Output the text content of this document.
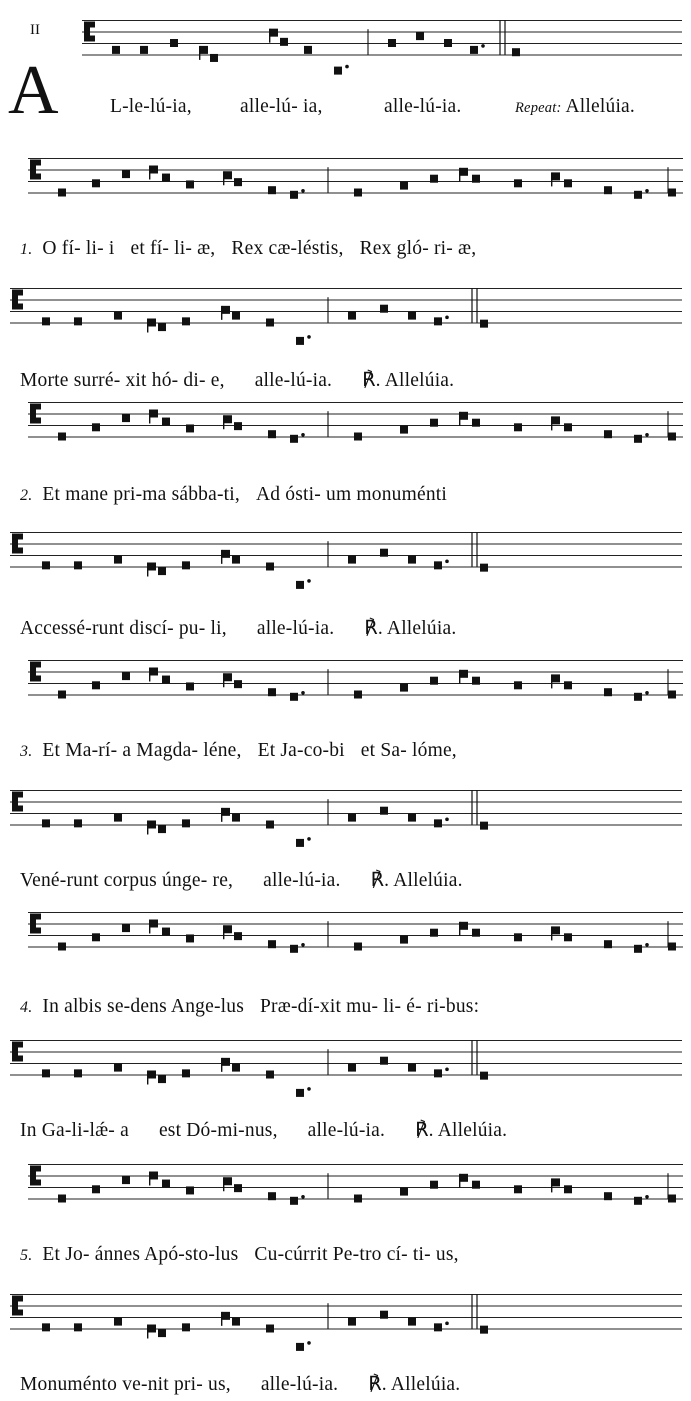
II
A	L-le-lú-ia, alle-lú- ia,	alle-lú-ia.	Repeat: Allelúia.
1. O fí- li- i et fí- li- æ, Rex cæ-léstis, Rex gló- ri- æ,
Morte surré- xit hó- di- e, alle-lú-ia. ℟. Allelúia.
2. Et mane pri-ma sábba-ti, Ad ósti- um monuménti
Accessé-runt discí- pu- li, alle-lú-ia. ℟. Allelúia.
3. Et Ma-rí- a Magda- léne, Et Ja-co-bi et Sa- lóme,
Vené-runt corpus únge- re, alle-lú-ia. ℟. Allelúia.
4. In albis se-dens Ange-lus Præ-dí-xit mu- li- é- ri-bus:
In Ga-li-lǽ- a est Dó-mi-nus, alle-lú-ia. ℟. Allelúia.
5. Et Jo- ánnes Apó-sto-lus Cu-cúrrit Pe-tro cí- ti- us,
Monuménto ve-nit pri- us, alle-lú-ia. ℟. Allelúia.
